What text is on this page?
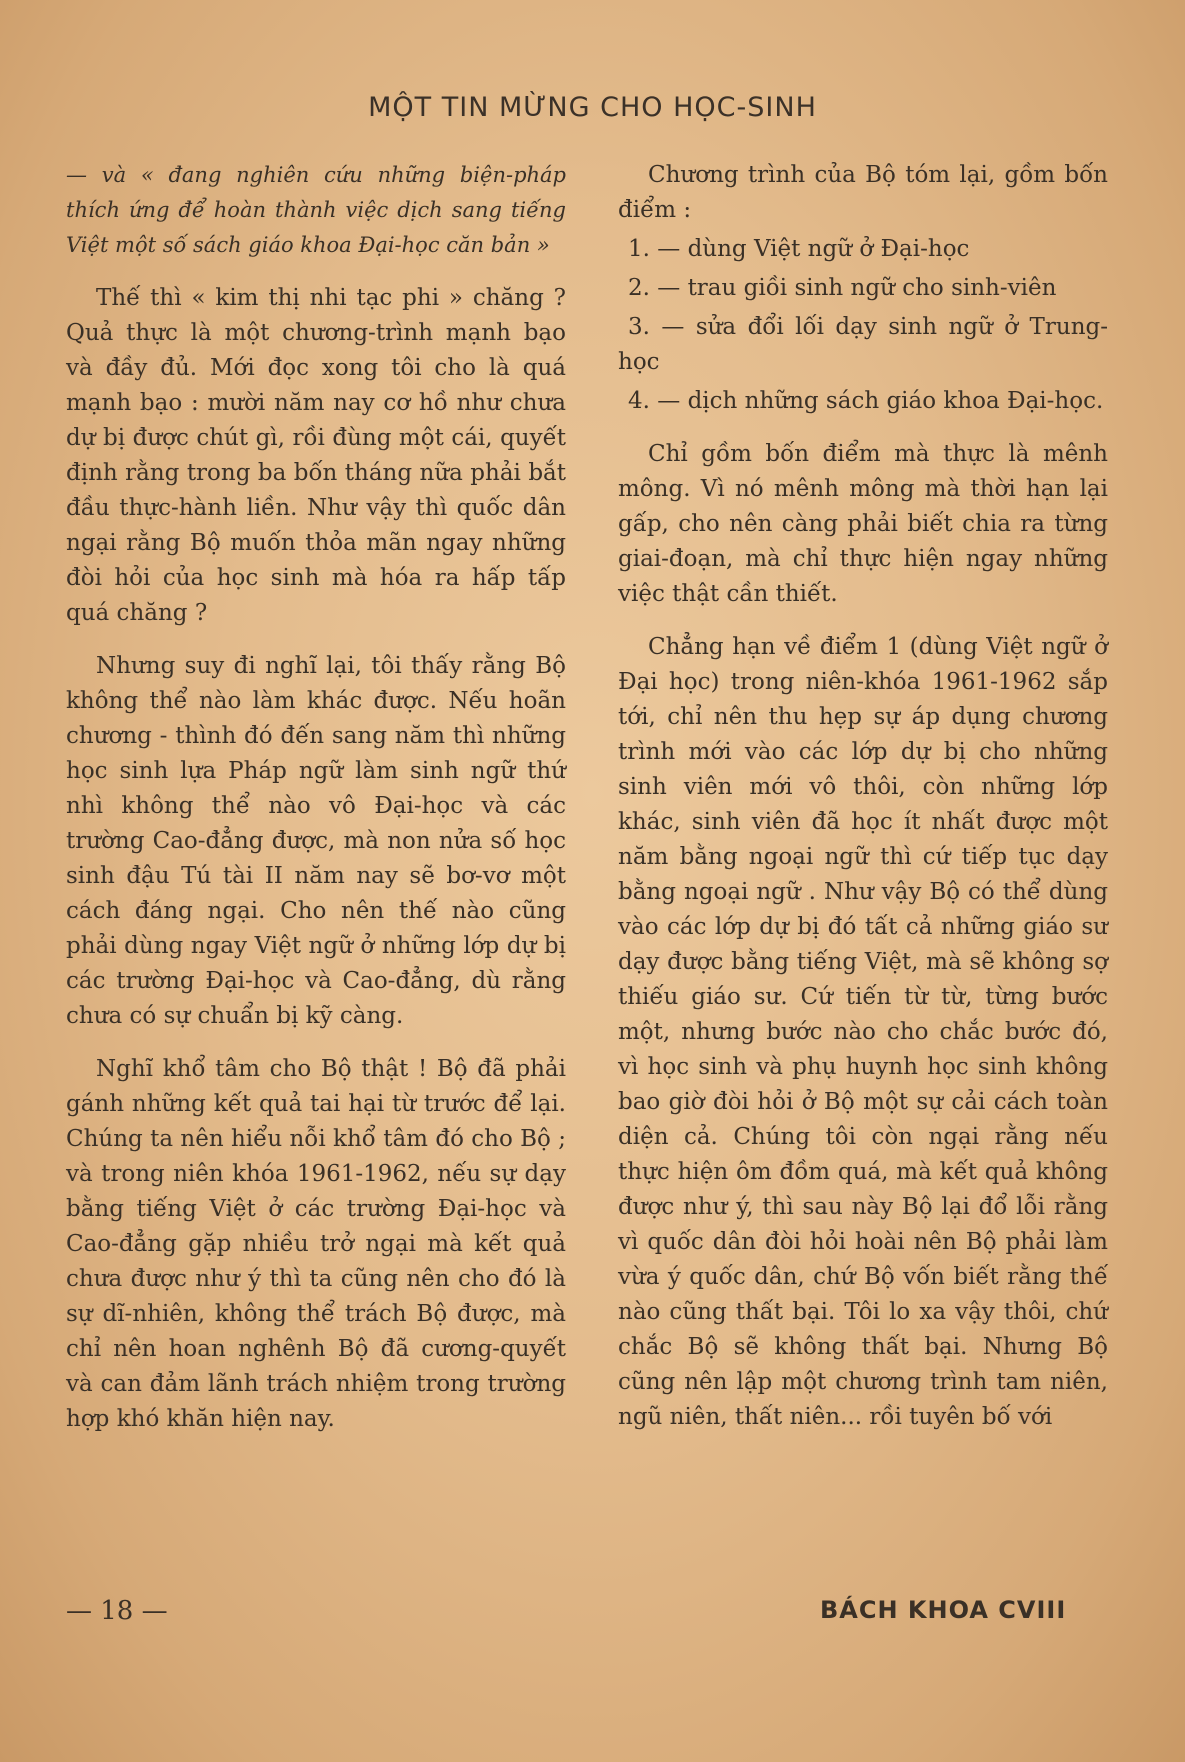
MỘT TIN MỪNG CHO HỌC-SINH

— và « đang nghiên cứu những biện-pháp thích ứng để hoàn thành việc dịch sang tiếng Việt một số sách giáo khoa Đại-học căn bản »

Thế thì « kim thị nhi tạc phi » chăng ? Quả thực là một chương-trình mạnh bạo và đầy đủ. Mới đọc xong tôi cho là quá mạnh bạo : mười năm nay cơ hồ như chưa dự bị được chút gì, rồi đùng một cái, quyết định rằng trong ba bốn tháng nữa phải bắt đầu thực-hành liền. Như vậy thì quốc dân ngại rằng Bộ muốn thỏa mãn ngay những đòi hỏi của học sinh mà hóa ra hấp tấp quá chăng ?

Nhưng suy đi nghĩ lại, tôi thấy rằng Bộ không thể nào làm khác được. Nếu hoãn chương - thình đó đến sang năm thì những học sinh lựa Pháp ngữ làm sinh ngữ thứ nhì không thể nào vô Đại-học và các trường Cao-đẳng được, mà non nửa số học sinh đậu Tú tài II năm nay sẽ bơ-vơ một cách đáng ngại. Cho nên thế nào cũng phải dùng ngay Việt ngữ ở những lớp dự bị các trường Đại-học và Cao-đẳng, dù rằng chưa có sự chuẩn bị kỹ càng.

Nghĩ khổ tâm cho Bộ thật ! Bộ đã phải gánh những kết quả tai hại từ trước để lại. Chúng ta nên hiểu nỗi khổ tâm đó cho Bộ ; và trong niên khóa 1961-1962, nếu sự dạy bằng tiếng Việt ở các trường Đại-học và Cao-đẳng gặp nhiều trở ngại mà kết quả chưa được như ý thì ta cũng nên cho đó là sự dĩ-nhiên, không thể trách Bộ được, mà chỉ nên hoan nghênh Bộ đã cương-quyết và can đảm lãnh trách nhiệm trong trường hợp khó khăn hiện nay.

Chương trình của Bộ tóm lại, gồm bốn điểm :

1. — dùng Việt ngữ ở Đại-học

2. — trau giồi sinh ngữ cho sinh-viên

3. — sửa đổi lối dạy sinh ngữ ở Trung-học

4. — dịch những sách giáo khoa Đại-học.

Chỉ gồm bốn điểm mà thực là mênh mông. Vì nó mênh mông mà thời hạn lại gấp, cho nên càng phải biết chia ra từng giai-đoạn, mà chỉ thực hiện ngay những việc thật cần thiết.

Chẳng hạn về điểm 1 (dùng Việt ngữ ở Đại học) trong niên-khóa 1961-1962 sắp tới, chỉ nên thu hẹp sự áp dụng chương trình mới vào các lớp dự bị cho những sinh viên mới vô thôi, còn những lớp khác, sinh viên đã học ít nhất được một năm bằng ngoại ngữ thì cứ tiếp tục dạy bằng ngoại ngữ . Như vậy Bộ có thể dùng vào các lớp dự bị đó tất cả những giáo sư dạy được bằng tiếng Việt, mà sẽ không sợ thiếu giáo sư. Cứ tiến từ từ, từng bước một, nhưng bước nào cho chắc bước đó, vì học sinh và phụ huynh học sinh không bao giờ đòi hỏi ở Bộ một sự cải cách toàn diện cả. Chúng tôi còn ngại rằng nếu thực hiện ôm đồm quá, mà kết quả không được như ý, thì sau này Bộ lại đổ lỗi rằng vì quốc dân đòi hỏi hoài nên Bộ phải làm vừa ý quốc dân, chứ Bộ vốn biết rằng thế nào cũng thất bại. Tôi lo xa vậy thôi, chứ chắc Bộ sẽ không thất bại. Nhưng Bộ cũng nên lập một chương trình tam niên, ngũ niên, thất niên... rồi tuyên bố với

— 18 —	BÁCH KHOA CVIII
